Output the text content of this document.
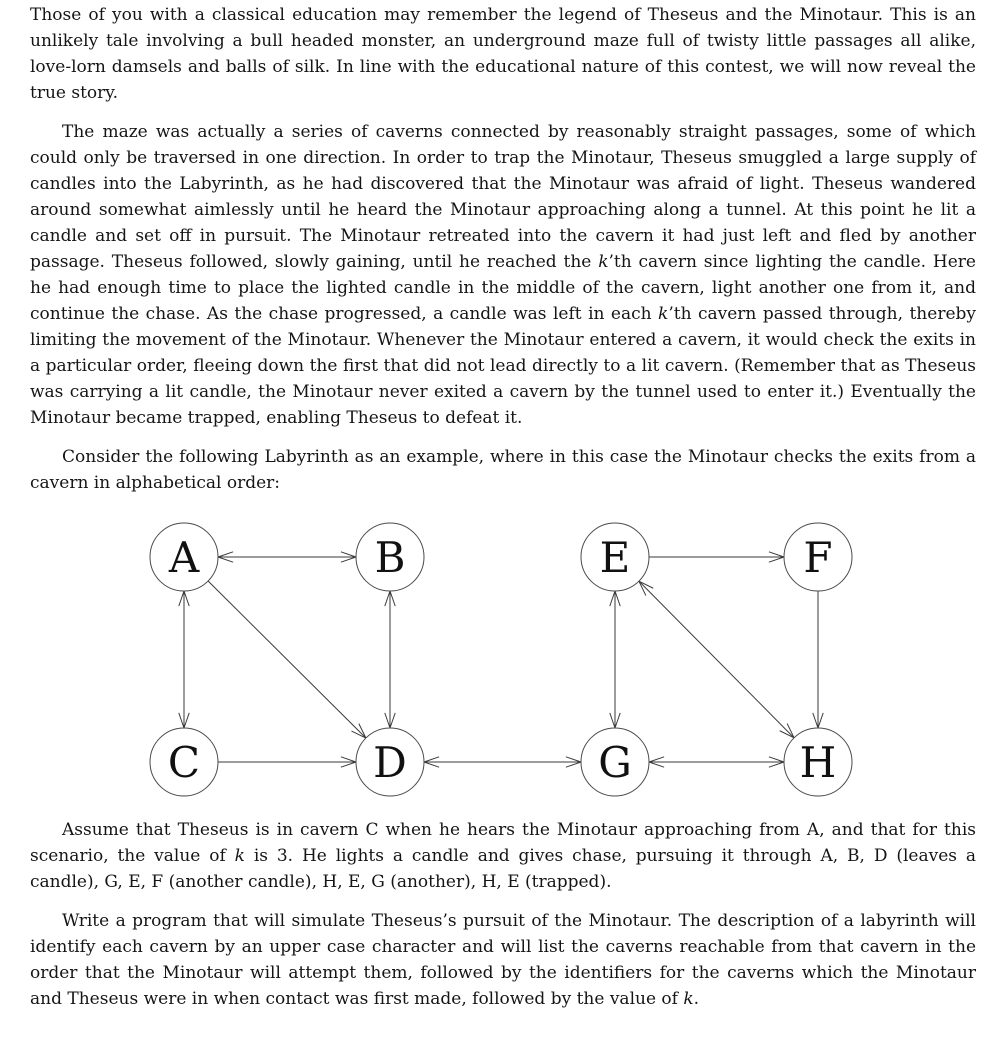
Those of you with a classical education may remember the legend of Theseus and the Minotaur. This is an unlikely tale involving a bull headed monster, an underground maze full of twisty little passages all alike, love-lorn damsels and balls of silk. In line with the educational nature of this contest, we will now reveal the true story.

The maze was actually a series of caverns connected by reasonably straight passages, some of which could only be traversed in one direction. In order to trap the Minotaur, Theseus smuggled a large supply of candles into the Labyrinth, as he had discovered that the Minotaur was afraid of light. Theseus wandered around somewhat aimlessly until he heard the Minotaur approaching along a tunnel. At this point he lit a candle and set off in pursuit. The Minotaur retreated into the cavern it had just left and fled by another passage. Theseus followed, slowly gaining, until he reached the k’th cavern since lighting the candle. Here he had enough time to place the lighted candle in the middle of the cavern, light another one from it, and continue the chase. As the chase progressed, a candle was left in each k’th cavern passed through, thereby limiting the movement of the Minotaur. Whenever the Minotaur entered a cavern, it would check the exits in a particular order, fleeing down the first that did not lead directly to a lit cavern. (Remember that as Theseus was carrying a lit candle, the Minotaur never exited a cavern by the tunnel used to enter it.) Eventually the Minotaur became trapped, enabling Theseus to defeat it.

Consider the following Labyrinth as an example, where in this case the Minotaur checks the exits from a cavern in alphabetical order:

A	B	E	F
C	D	G	H

Assume that Theseus is in cavern C when he hears the Minotaur approaching from A, and that for this scenario, the value of k is 3. He lights a candle and gives chase, pursuing it through A, B, D (leaves a candle), G, E, F (another candle), H, E, G (another), H, E (trapped).

Write a program that will simulate Theseus’s pursuit of the Minotaur. The description of a labyrinth will identify each cavern by an upper case character and will list the caverns reachable from that cavern in the order that the Minotaur will attempt them, followed by the identifiers for the caverns which the Minotaur and Theseus were in when contact was first made, followed by the value of k.
